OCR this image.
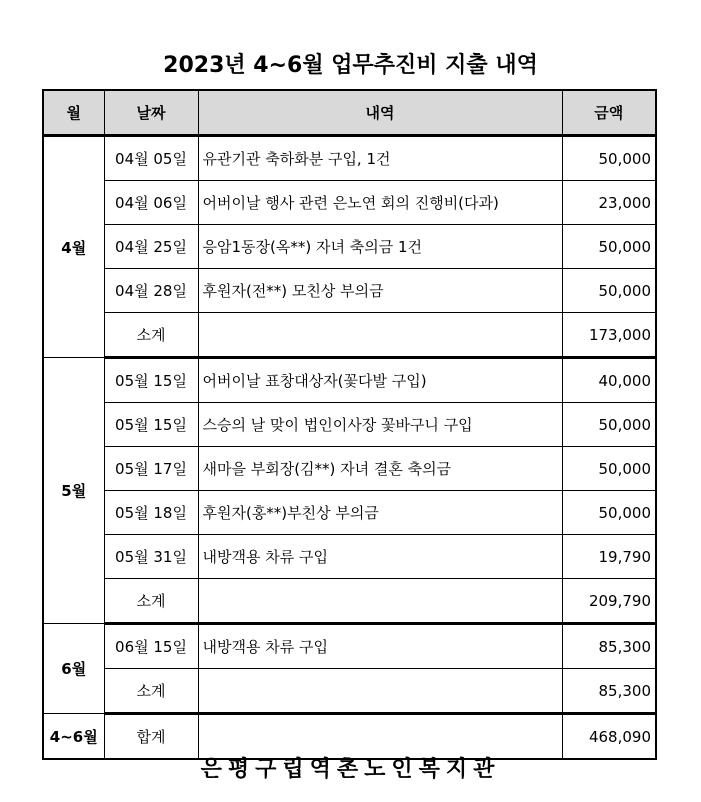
2023년 4~6월 업무추진비 지출 내역
월	날짜	내역	금액
4월	04월 05일	유관기관 축하화분 구입, 1건	50,000
	04월 06일	어버이날 행사 관련 은노연 회의 진행비(다과)	23,000
	04월 25일	응암1동장(옥**) 자녀 축의금 1건	50,000
	04월 28일	후원자(전**) 모친상 부의금	50,000
	소계		173,000
5월	05월 15일	어버이날 표창대상자(꽃다발 구입)	40,000
	05월 15일	스승의 날 맞이 법인이사장 꽃바구니 구입	50,000
	05월 17일	새마을 부회장(김**) 자녀 결혼 축의금	50,000
	05월 18일	후원자(홍**)부친상 부의금	50,000
	05월 31일	내방객용 차류 구입	19,790
	소계		209,790
6월	06월 15일	내방객용 차류 구입	85,300
	소계		85,300
4~6월	합계		468,090
은평구립역촌노인복지관
